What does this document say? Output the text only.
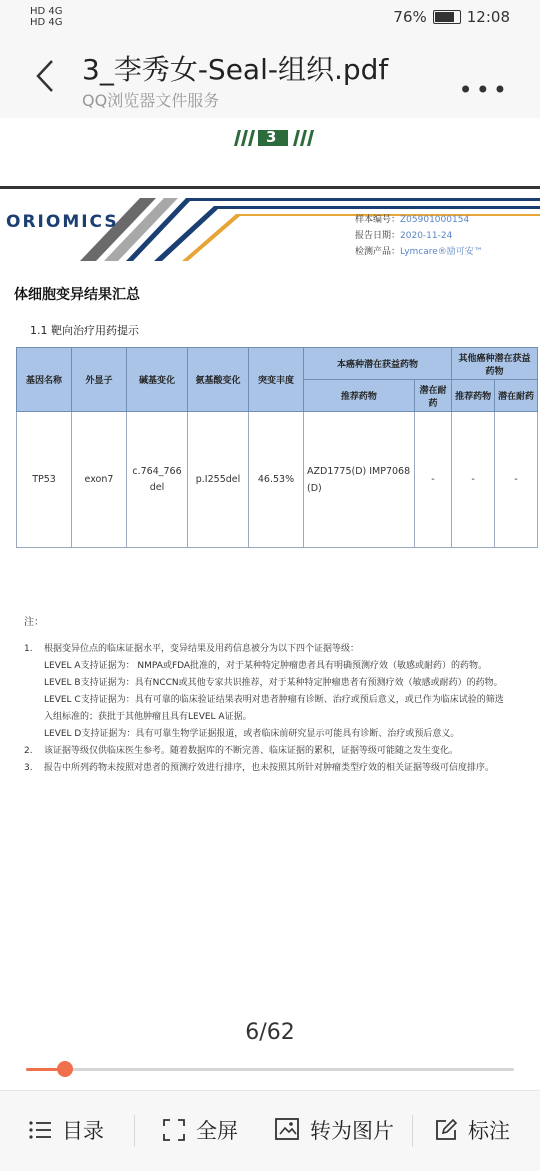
HD 4G
HD 4G	76%	12:08
3_李秀女-Seal-组织.pdf
QQ浏览器文件服务	•••
3
ORIOMICS	样本编号：Z05901000154
报告日期：2020-11-24
检测产品：Lymcare®励可安™
体细胞变异结果汇总
1.1 靶向治疗用药提示
基因名称	外显子	碱基变化	氨基酸变化	突变丰度	本癌种潜在获益药物		其他癌种潜在获益药物	
					推荐药物	潜在耐药	推荐药物	潜在耐药
TP53	exon7	c.764_766del	p.I255del	46.53%	AZD1775(D) IMP7068(D)	-	-	-
注：
1. 根据变异位点的临床证据水平，变异结果及用药信息被分为以下四个证据等级：
LEVEL A支持证据为： NMPA或FDA批准的，对于某种特定肿瘤患者具有明确预测疗效（敏感或耐药）的药物。
LEVEL B支持证据为：具有NCCN或其他专家共识推荐，对于某种特定肿瘤患者有预测疗效（敏感或耐药）的药物。
LEVEL C支持证据为：具有可靠的临床验证结果表明对患者肿瘤有诊断、治疗或预后意义，或已作为临床试验的筛选入组标准的；获批于其他肿瘤且具有LEVEL A证据。
LEVEL D支持证据为：具有可靠生物学证据报道，或者临床前研究显示可能具有诊断、治疗或预后意义。
2. 该证据等级仅供临床医生参考。随着数据库的不断完善、临床证据的累积，证据等级可能随之发生变化。
3. 报告中所列药物未按照对患者的预测疗效进行排序，也未按照其所针对肿瘤类型疗效的相关证据等级可信度排序。
6/62
目录	全屏	转为图片	标注
